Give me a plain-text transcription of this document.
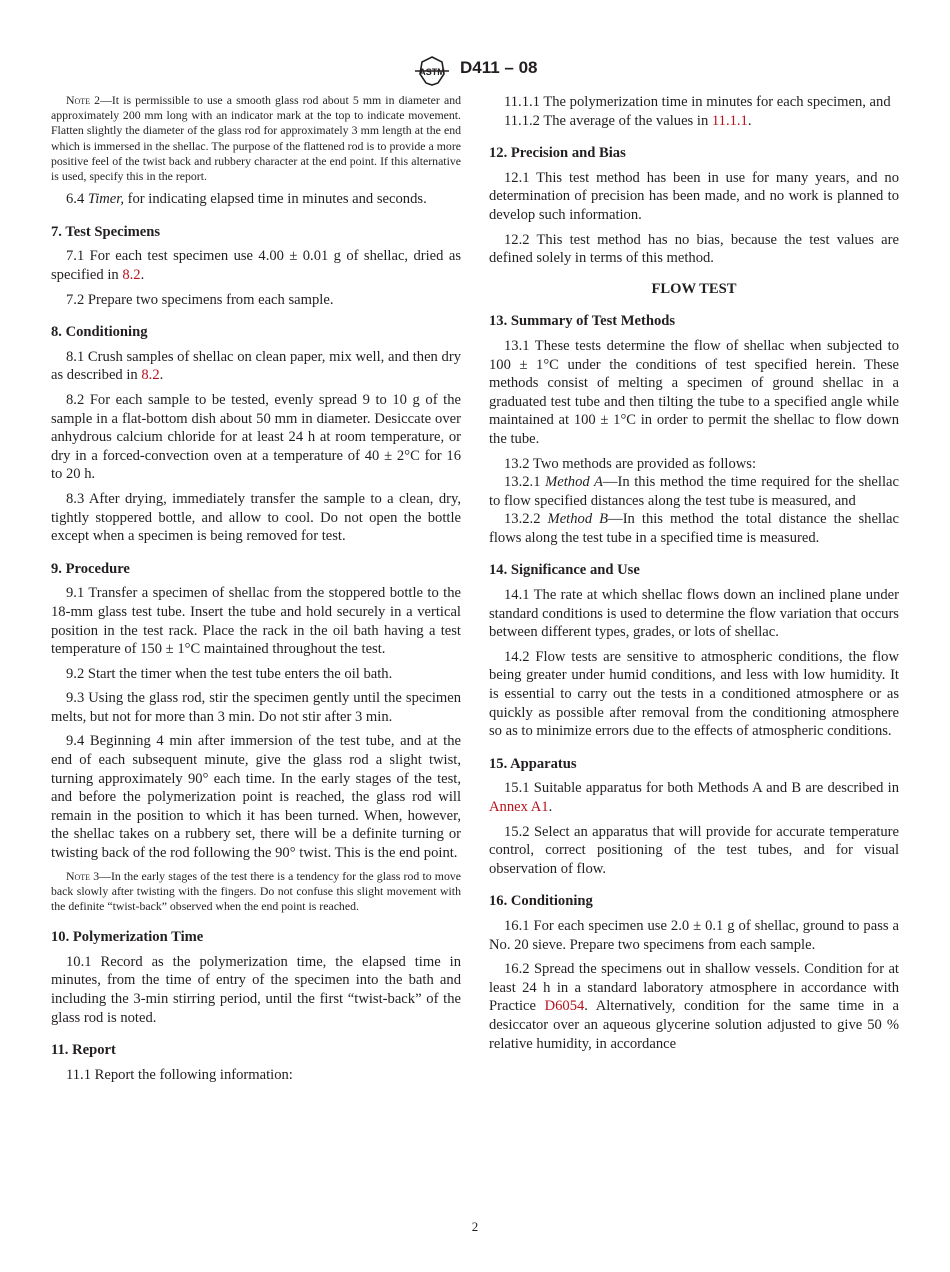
ASTM D411 – 08

Note 2—It is permissible to use a smooth glass rod about 5 mm in diameter and approximately 200 mm long with an indicator mark at the top to indicate movement. Flatten slightly the diameter of the glass rod for approximately 3 mm length at the end which is immersed in the shellac. The purpose of the flattened rod is to provide a more positive feel of the twist back and rubbery character at the end point. If this alternative is used, specify this in the report.

6.4 Timer, for indicating elapsed time in minutes and seconds.

7. Test Specimens

7.1 For each test specimen use 4.00 ± 0.01 g of shellac, dried as specified in 8.2.

7.2 Prepare two specimens from each sample.

8. Conditioning

8.1 Crush samples of shellac on clean paper, mix well, and then dry as described in 8.2.

8.2 For each sample to be tested, evenly spread 9 to 10 g of the sample in a flat-bottom dish about 50 mm in diameter. Desiccate over anhydrous calcium chloride for at least 24 h at room temperature, or dry in a forced-convection oven at a temperature of 40 ± 2°C for 16 to 20 h.

8.3 After drying, immediately transfer the sample to a clean, dry, tightly stoppered bottle, and allow to cool. Do not open the bottle except when a specimen is being removed for test.

9. Procedure

9.1 Transfer a specimen of shellac from the stoppered bottle to the 18-mm glass test tube. Insert the tube and hold securely in a vertical position in the test rack. Place the rack in the oil bath having a test temperature of 150 ± 1°C maintained throughout the test.

9.2 Start the timer when the test tube enters the oil bath.

9.3 Using the glass rod, stir the specimen gently until the specimen melts, but not for more than 3 min. Do not stir after 3 min.

9.4 Beginning 4 min after immersion of the test tube, and at the end of each subsequent minute, give the glass rod a slight twist, turning approximately 90° each time. In the early stages of the test, and before the polymerization point is reached, the glass rod will remain in the position to which it has been turned. When, however, the shellac takes on a rubbery set, there will be a definite turning or twisting back of the rod following the 90° twist. This is the end point.

Note 3—In the early stages of the test there is a tendency for the glass rod to move back slowly after twisting with the fingers. Do not confuse this slight movement with the definite “twist-back” observed when the end point is reached.

10. Polymerization Time

10.1 Record as the polymerization time, the elapsed time in minutes, from the time of entry of the specimen into the bath and including the 3-min stirring period, until the first “twist-back” of the glass rod is noted.

11. Report

11.1 Report the following information:

11.1.1 The polymerization time in minutes for each specimen, and

11.1.2 The average of the values in 11.1.1.

12. Precision and Bias

12.1 This test method has been in use for many years, and no determination of precision has been made, and no work is planned to develop such information.

12.2 This test method has no bias, because the test values are defined solely in terms of this method.

FLOW TEST
13. Summary of Test Methods

13.1 These tests determine the flow of shellac when subjected to 100 ± 1°C under the conditions of test specified herein. These methods consist of melting a specimen of ground shellac in a graduated test tube and then tilting the tube to a specified angle while maintained at 100 ± 1°C in order to permit the shellac to flow down the tube.

13.2 Two methods are provided as follows:

13.2.1 Method A—In this method the time required for the shellac to flow specified distances along the test tube is measured, and

13.2.2 Method B—In this method the total distance the shellac flows along the test tube in a specified time is measured.

14. Significance and Use

14.1 The rate at which shellac flows down an inclined plane under standard conditions is used to determine the flow variation that occurs between different types, grades, or lots of shellac.

14.2 Flow tests are sensitive to atmospheric conditions, the flow being greater under humid conditions, and less with low humidity. It is essential to carry out the tests in a conditioned atmosphere or as quickly as possible after removal from the conditioning atmosphere so as to minimize errors due to the effects of atmospheric conditions.

15. Apparatus

15.1 Suitable apparatus for both Methods A and B are described in Annex A1.

15.2 Select an apparatus that will provide for accurate temperature control, correct positioning of the test tubes, and for visual observation of flow.

16. Conditioning

16.1 For each specimen use 2.0 ± 0.1 g of shellac, ground to pass a No. 20 sieve. Prepare two specimens from each sample.

16.2 Spread the specimens out in shallow vessels. Condition for at least 24 h in a standard laboratory atmosphere in accordance with Practice D6054. Alternatively, condition for the same time in a desiccator over an aqueous glycerine solution adjusted to give 50 % relative humidity, in accordance

2
